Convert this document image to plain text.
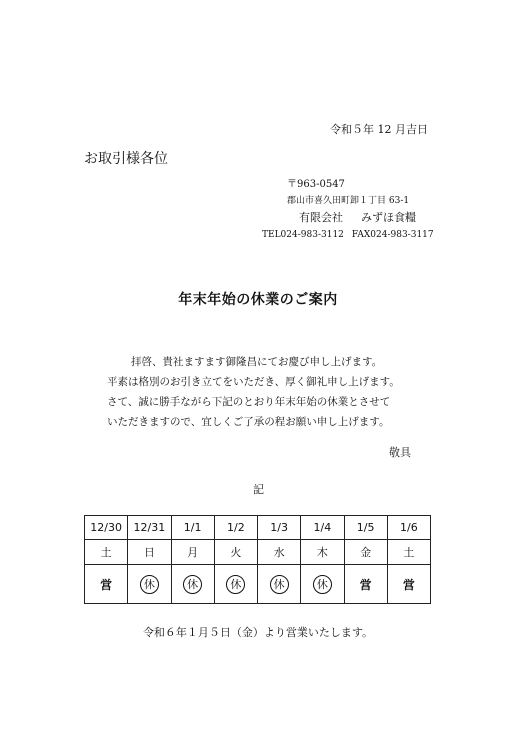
令和５年 12 月吉日
お取引様各位
〒963-0547
郡山市喜久田町卸１丁目 63-1
有限会社 みずほ食糧
TEL024-983-3112 FAX024-983-3117
年末年始の休業のご案内
拝啓、貴社ますます御隆昌にてお慶び申し上げます。
平素は格別のお引き立てをいただき、厚く御礼申し上げます。
さて、誠に勝手ながら下記のとおり年末年始の休業とさせて
いただきますので、宜しくご了承の程お願い申し上げます。
敬具
記
12/30	12/31	1/1	1/2	1/3	1/4	1/5	1/6
土	日	月	火	水	木	金	土
営	休	休	休	休	休	営	営
令和６年１月５日（金）より営業いたします。
